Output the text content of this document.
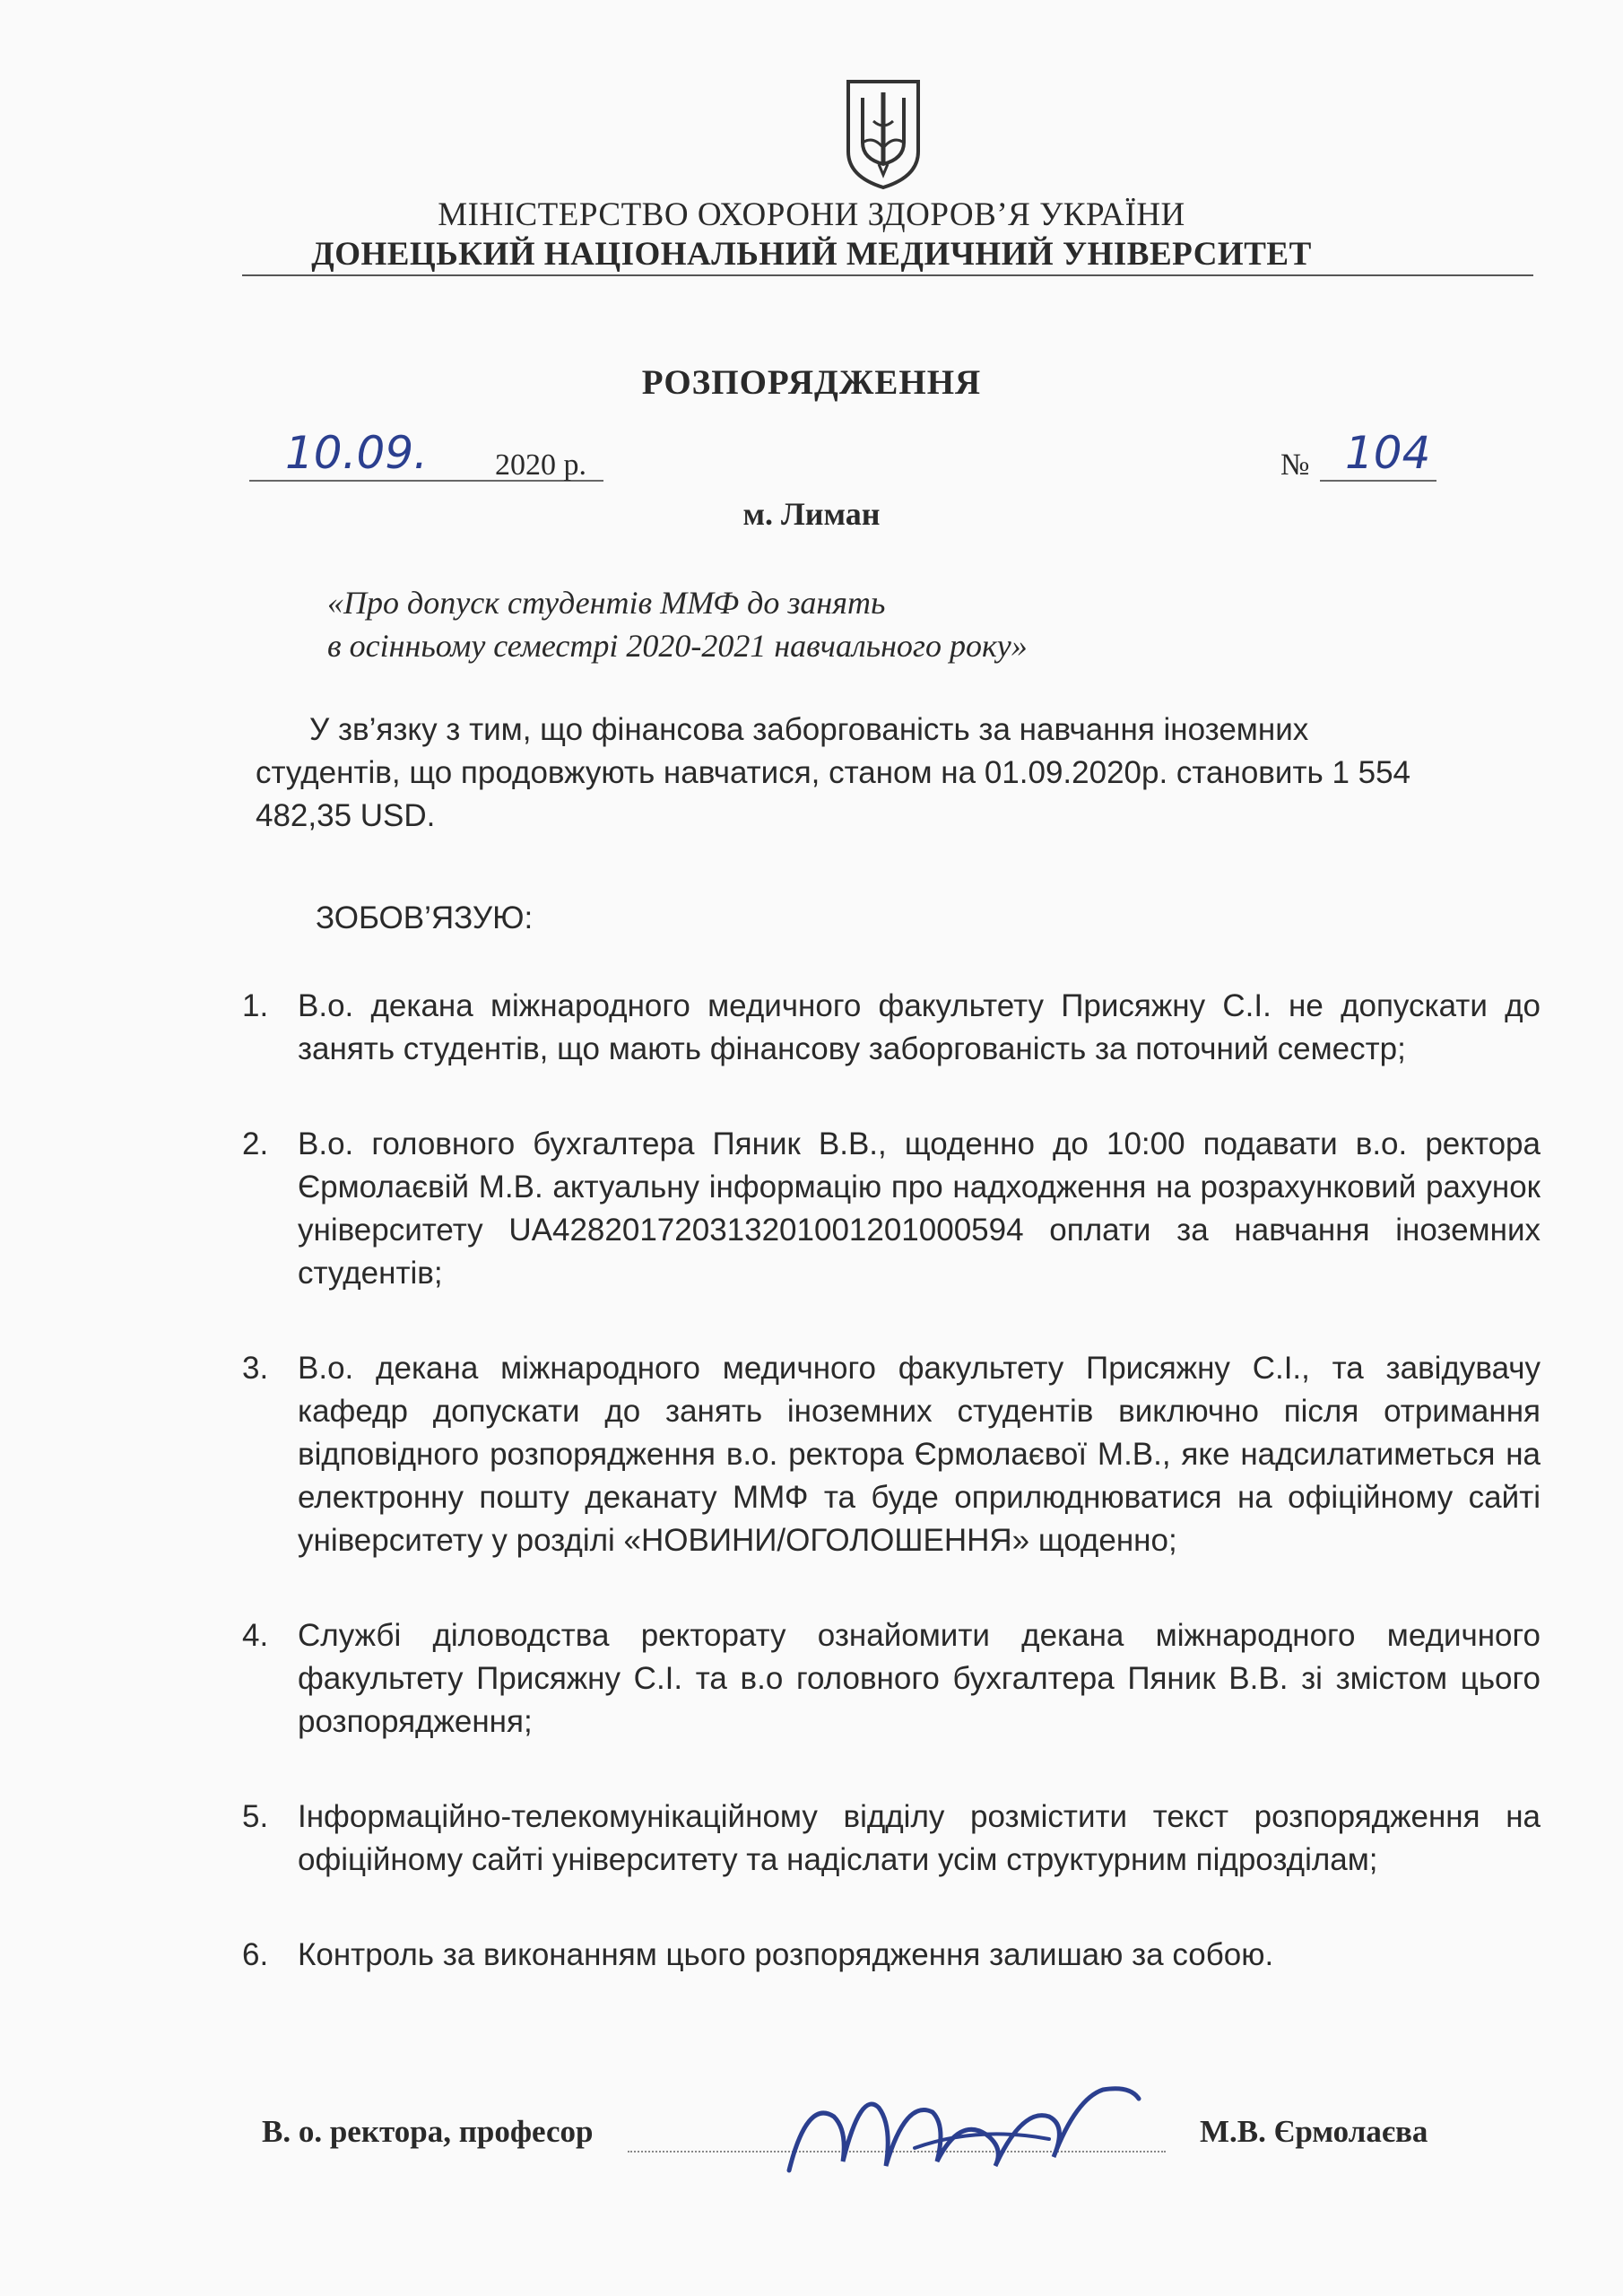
МІНІСТЕРСТВО ОХОРОНИ ЗДОРОВ’Я УКРАЇНИ
ДОНЕЦЬКИЙ НАЦІОНАЛЬНИЙ МЕДИЧНИЙ УНІВЕРСИТЕТ
РОЗПОРЯДЖЕННЯ
10.09. 2020 р.	№ 104
м. Лиман
«Про допуск студентів ММФ до занять
в осінньому семестрі 2020-2021 навчального року»

У зв’язку з тим, що фінансова заборгованість за навчання іноземних студентів, що продовжують навчатися, станом на 01.09.2020р. становить 1 554 482,35 USD.

ЗОБОВ’ЯЗУЮ:
1. В.о. декана міжнародного медичного факультету Присяжну С.І. не допускати до занять студентів, що мають фінансову заборгованість за поточний семестр;
2. В.о. головного бухгалтера Пяник В.В., щоденно до 10:00 подавати в.о. ректора Єрмолаєвій М.В. актуальну інформацію про надходження на розрахунковий рахунок університету UA428201720313201001201000594 оплати за навчання іноземних студентів;
3. В.о. декана міжнародного медичного факультету Присяжну С.І., та завідувачу кафедр допускати до занять іноземних студентів виключно після отримання відповідного розпорядження в.о. ректора Єрмолаєвої М.В., яке надсилатиметься на електронну пошту деканату ММФ та буде оприлюднюватися на офіційному сайті університету у розділі «НОВИНИ/ОГОЛОШЕННЯ» щоденно;
4. Службі діловодства ректорату ознайомити декана міжнародного медичного факультету Присяжну С.І. та в.о головного бухгалтера Пяник В.В. зі змістом цього розпорядження;
5. Інформаційно-телекомунікаційному відділу розмістити текст розпорядження на офіційному сайті університету та надіслати усім структурним підрозділам;
6. Контроль за виконанням цього розпорядження залишаю за собою.
В. о. ректора, професор	М.В. Єрмолаєва
